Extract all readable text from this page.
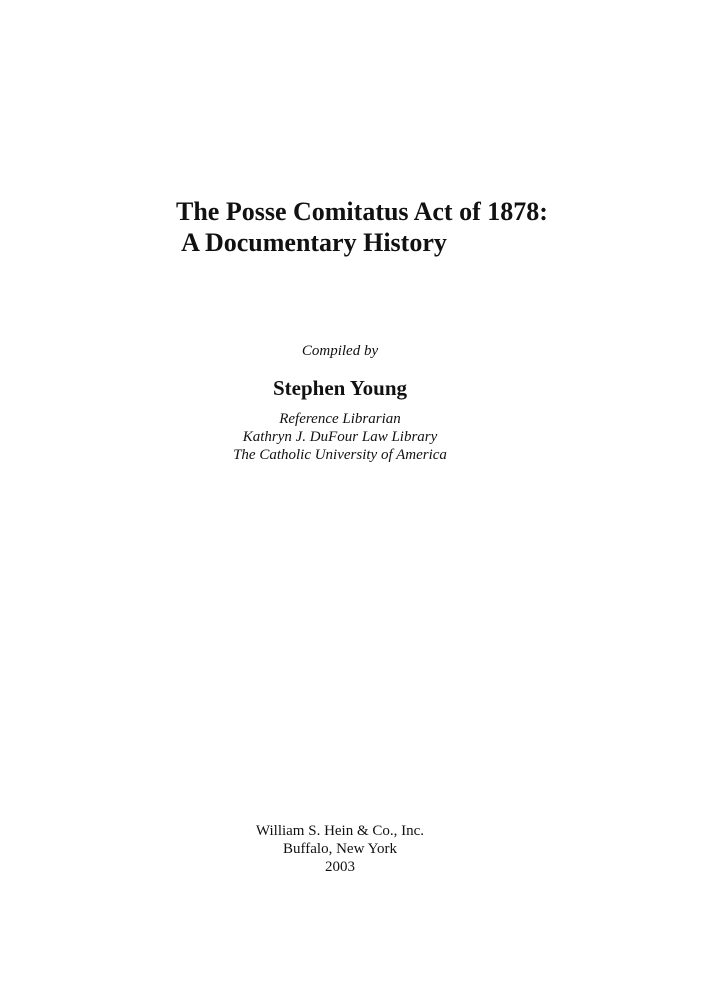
The Posse Comitatus Act of 1878:
A Documentary History
Compiled by
Stephen Young
Reference Librarian
Kathryn J. DuFour Law Library
The Catholic University of America
William S. Hein & Co., Inc.
Buffalo, New York
2003
